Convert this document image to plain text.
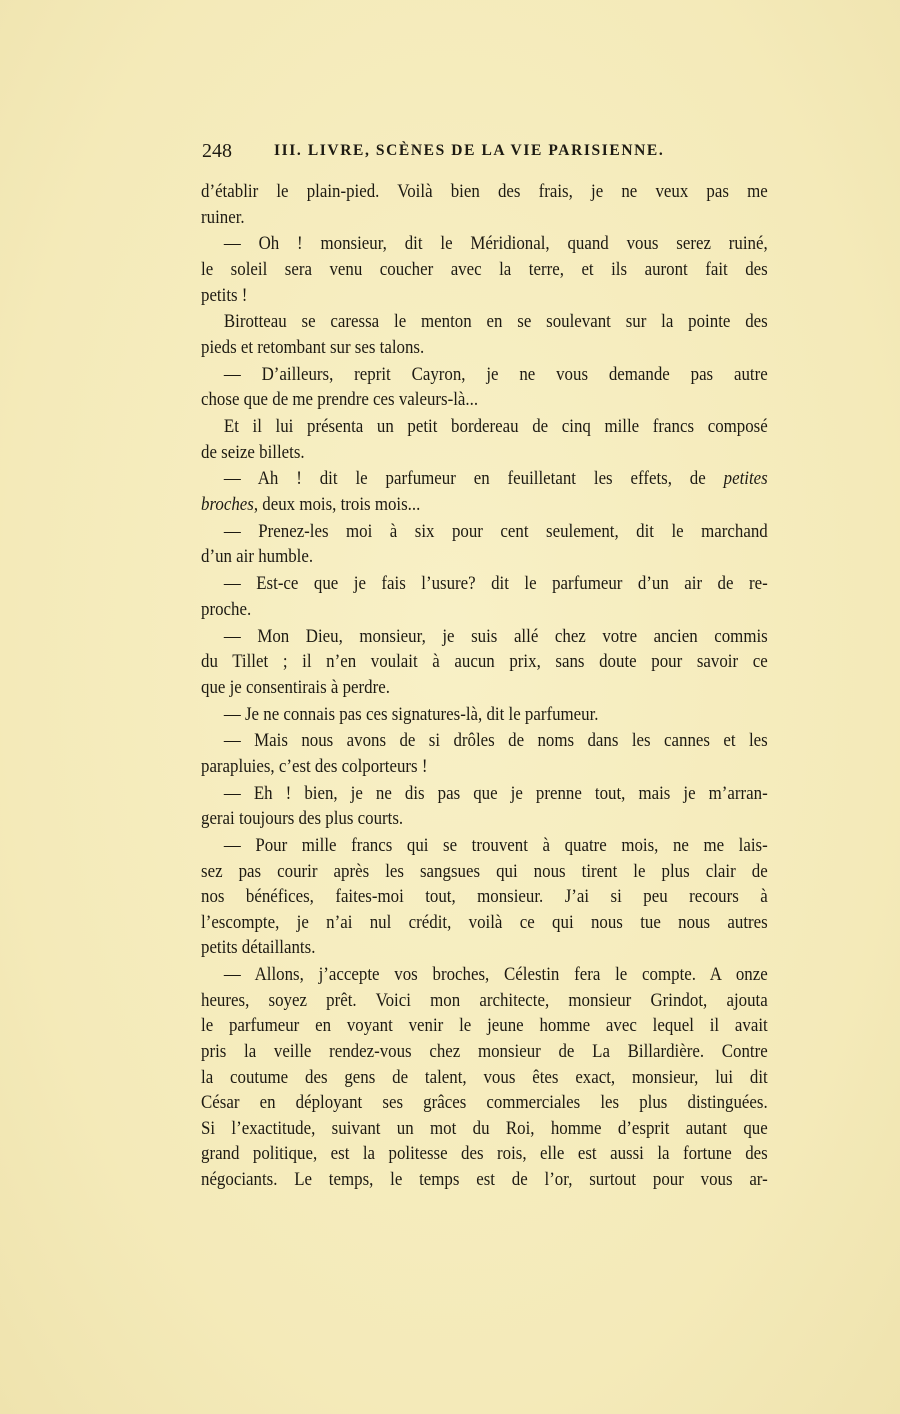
248	III. LIVRE, SCÈNES DE LA VIE PARISIENNE.
d’établir le plain-pied. Voilà bien des frais, je ne veux pas me
ruiner.
— Oh ! monsieur, dit le Méridional, quand vous serez ruiné,
le soleil sera venu coucher avec la terre, et ils auront fait des
petits !
Birotteau se caressa le menton en se soulevant sur la pointe des
pieds et retombant sur ses talons.
— D’ailleurs, reprit Cayron, je ne vous demande pas autre
chose que de me prendre ces valeurs-là...
Et il lui présenta un petit bordereau de cinq mille francs composé
de seize billets.
— Ah ! dit le parfumeur en feuilletant les effets, de petites
broches, deux mois, trois mois...
— Prenez-les moi à six pour cent seulement, dit le marchand
d’un air humble.
— Est-ce que je fais l’usure? dit le parfumeur d’un air de re-
proche.
— Mon Dieu, monsieur, je suis allé chez votre ancien commis
du Tillet ; il n’en voulait à aucun prix, sans doute pour savoir ce
que je consentirais à perdre.
— Je ne connais pas ces signatures-là, dit le parfumeur.
— Mais nous avons de si drôles de noms dans les cannes et les
parapluies, c’est des colporteurs !
— Eh ! bien, je ne dis pas que je prenne tout, mais je m’arran-
gerai toujours des plus courts.
— Pour mille francs qui se trouvent à quatre mois, ne me lais-
sez pas courir après les sangsues qui nous tirent le plus clair de
nos bénéfices, faites-moi tout, monsieur. J’ai si peu recours à
l’escompte, je n’ai nul crédit, voilà ce qui nous tue nous autres
petits détaillants.
— Allons, j’accepte vos broches, Célestin fera le compte. A onze
heures, soyez prêt. Voici mon architecte, monsieur Grindot, ajouta
le parfumeur en voyant venir le jeune homme avec lequel il avait
pris la veille rendez-vous chez monsieur de La Billardière. Contre
la coutume des gens de talent, vous êtes exact, monsieur, lui dit
César en déployant ses grâces commerciales les plus distinguées.
Si l’exactitude, suivant un mot du Roi, homme d’esprit autant que
grand politique, est la politesse des rois, elle est aussi la fortune des
négociants. Le temps, le temps est de l’or, surtout pour vous ar-
